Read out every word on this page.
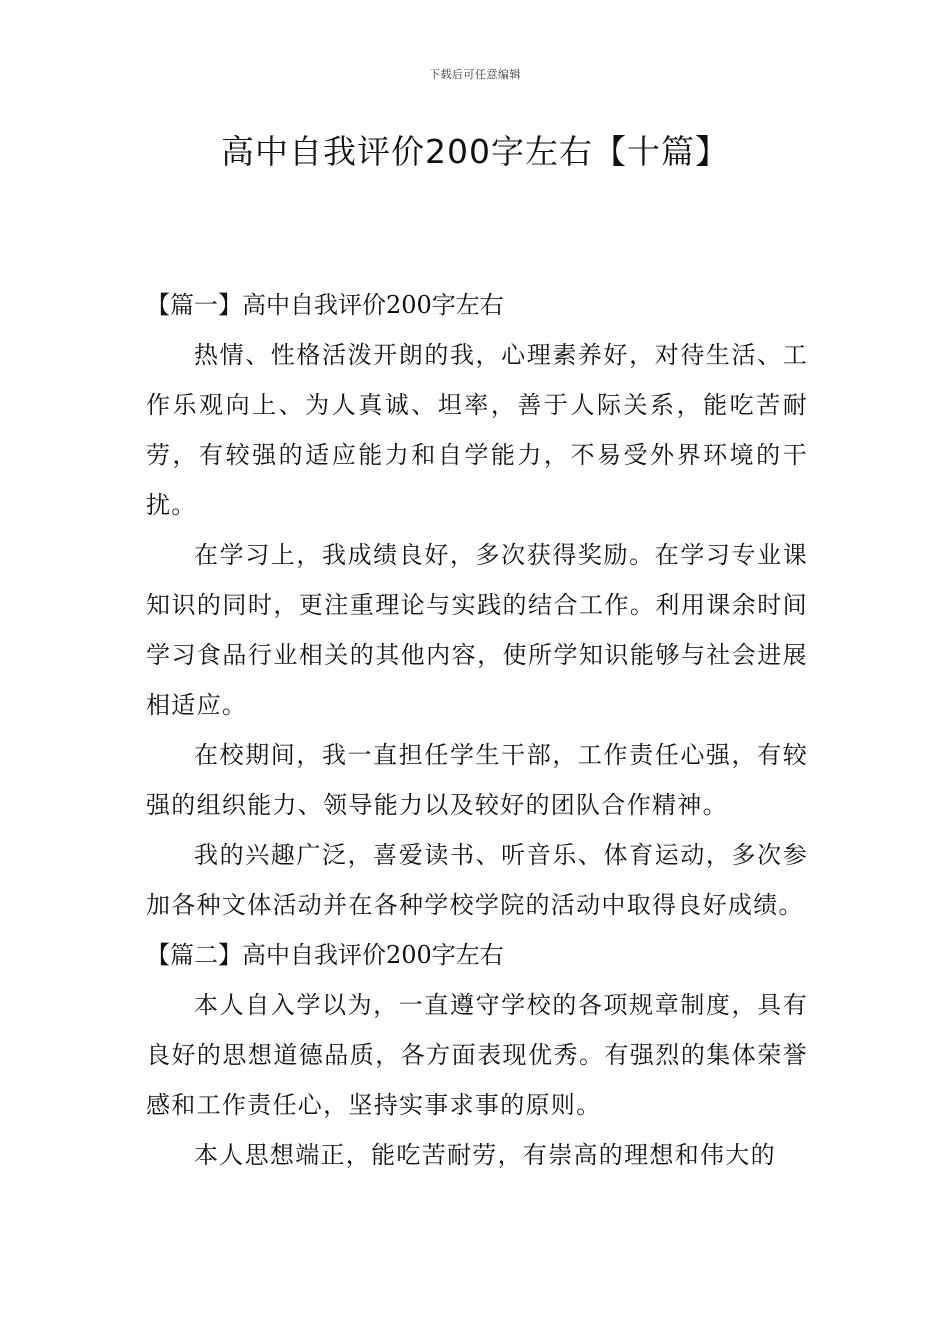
下载后可任意编辑
高中自我评价200字左右【十篇】
【篇一】高中自我评价200字左右

热情、性格活泼开朗的我，心理素养好，对待生活、工作乐观向上、为人真诚、坦率，善于人际关系，能吃苦耐劳，有较强的适应能力和自学能力，不易受外界环境的干扰。

在学习上，我成绩良好，多次获得奖励。在学习专业课知识的同时，更注重理论与实践的结合工作。利用课余时间学习食品行业相关的其他内容，使所学知识能够与社会进展相适应。

在校期间，我一直担任学生干部，工作责任心强，有较强的组织能力、领导能力以及较好的团队合作精神。

我的兴趣广泛，喜爱读书、听音乐、体育运动，多次参加各种文体活动并在各种学校学院的活动中取得良好成绩。

【篇二】高中自我评价200字左右

本人自入学以为，一直遵守学校的各项规章制度，具有良好的思想道德品质，各方面表现优秀。有强烈的集体荣誉感和工作责任心，坚持实事求事的原则。

本人思想端正，能吃苦耐劳，有崇高的理想和伟大的
